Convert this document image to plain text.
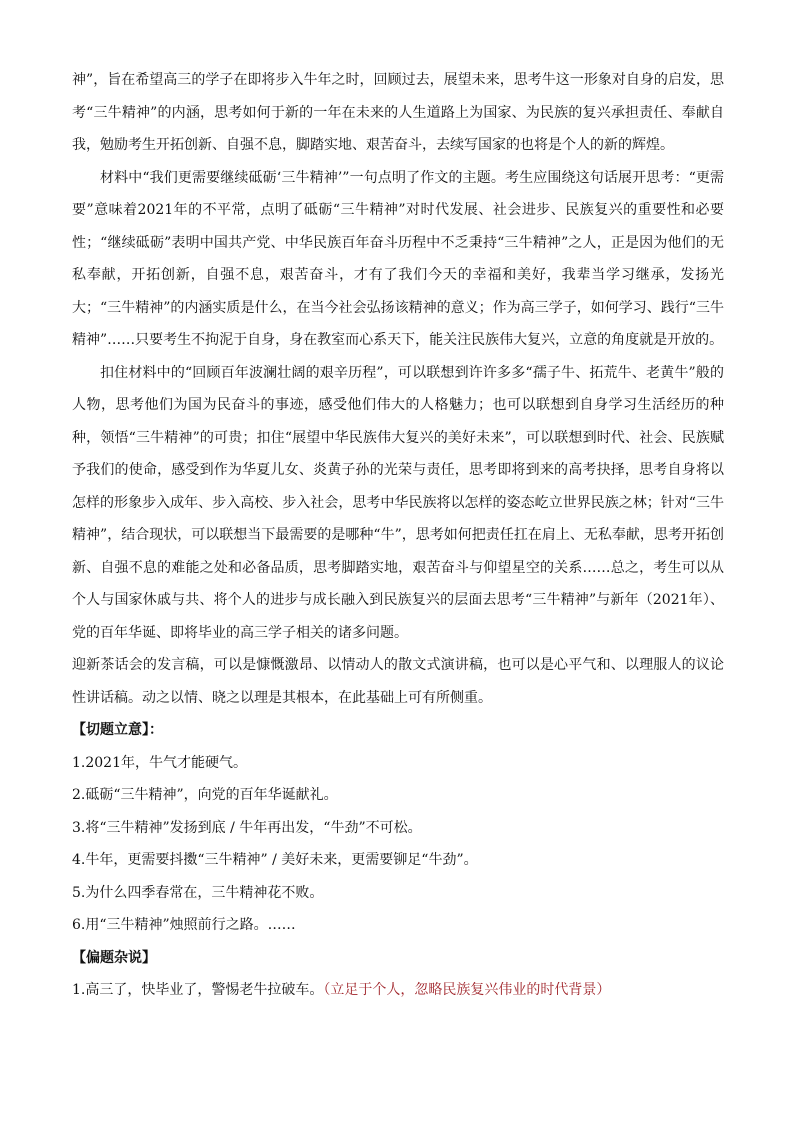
神”，旨在希望高三的学子在即将步入牛年之时，回顾过去，展望未来，思考牛这一形象对自身的启发，思考“三牛精神”的内涵，思考如何于新的一年在未来的人生道路上为国家、为民族的复兴承担责任、奉献自我，勉励考生开拓创新、自强不息，脚踏实地、艰苦奋斗，去续写国家的也将是个人的新的辉煌。

材料中“我们更需要继续砥砺‘三牛精神’”一句点明了作文的主题。考生应围绕这句话展开思考：“更需要”意味着2021年的不平常，点明了砥砺“三牛精神”对时代发展、社会进步、民族复兴的重要性和必要性；“继续砥砺”表明中国共产党、中华民族百年奋斗历程中不乏秉持“三牛精神”之人，正是因为他们的无私奉献，开拓创新，自强不息，艰苦奋斗，才有了我们今天的幸福和美好，我辈当学习继承，发扬光大；“三牛精神”的内涵实质是什么，在当今社会弘扬该精神的意义；作为高三学子，如何学习、践行“三牛精神”……只要考生不拘泥于自身，身在教室而心系天下，能关注民族伟大复兴，立意的角度就是开放的。

扣住材料中的“回顾百年波澜壮阔的艰辛历程”，可以联想到许许多多“孺子牛、拓荒牛、老黄牛”般的人物，思考他们为国为民奋斗的事迹，感受他们伟大的人格魅力；也可以联想到自身学习生活经历的种种，领悟“三牛精神”的可贵；扣住“展望中华民族伟大复兴的美好未来”，可以联想到时代、社会、民族赋予我们的使命，感受到作为华夏儿女、炎黄子孙的光荣与责任，思考即将到来的高考抉择，思考自身将以怎样的形象步入成年、步入高校、步入社会，思考中华民族将以怎样的姿态屹立世界民族之林；针对“三牛精神”，结合现状，可以联想当下最需要的是哪种“牛”，思考如何把责任扛在肩上、无私奉献，思考开拓创新、自强不息的难能之处和必备品质，思考脚踏实地，艰苦奋斗与仰望星空的关系……总之，考生可以从个人与国家休戚与共、将个人的进步与成长融入到民族复兴的层面去思考“三牛精神”与新年（2021年）、党的百年华诞、即将毕业的高三学子相关的诸多问题。

迎新茶话会的发言稿，可以是慷慨激昂、以情动人的散文式演讲稿，也可以是心平气和、以理服人的议论性讲话稿。动之以情、晓之以理是其根本，在此基础上可有所侧重。

【切题立意】：

1.2021年，牛气才能硬气。

2.砥砺“三牛精神”，向党的百年华诞献礼。

3.将“三牛精神”发扬到底 / 牛年再出发，“牛劲”不可松。

4.牛年，更需要抖擞“三牛精神” / 美好未来，更需要铆足“牛劲”。

5.为什么四季春常在，三牛精神花不败。

6.用“三牛精神”烛照前行之路。……

【偏题杂说】

1.高三了，快毕业了，警惕老牛拉破车。（立足于个人，忽略民族复兴伟业的时代背景）
